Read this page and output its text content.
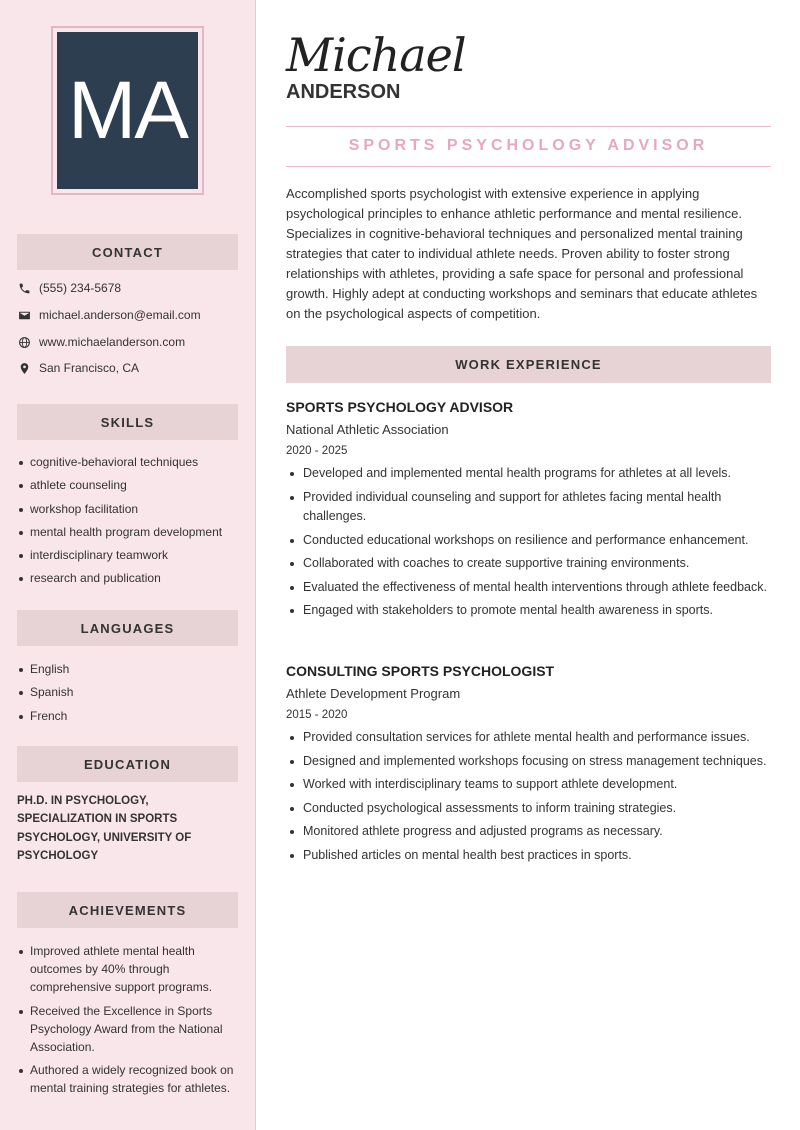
MA
CONTACT
(555) 234-5678
michael.anderson@email.com
www.michaelanderson.com
San Francisco, CA
SKILLS
cognitive-behavioral techniques
athlete counseling
workshop facilitation
mental health program development
interdisciplinary teamwork
research and publication
LANGUAGES
English
Spanish
French
EDUCATION
PH.D. IN PSYCHOLOGY, SPECIALIZATION IN SPORTS PSYCHOLOGY, UNIVERSITY OF PSYCHOLOGY
ACHIEVEMENTS
Improved athlete mental health outcomes by 40% through comprehensive support programs.
Received the Excellence in Sports Psychology Award from the National Association.
Authored a widely recognized book on mental training strategies for athletes.
Michael
ANDERSON
SPORTS PSYCHOLOGY ADVISOR
Accomplished sports psychologist with extensive experience in applying psychological principles to enhance athletic performance and mental resilience. Specializes in cognitive-behavioral techniques and personalized mental training strategies that cater to individual athlete needs. Proven ability to foster strong relationships with athletes, providing a safe space for personal and professional growth. Highly adept at conducting workshops and seminars that educate athletes on the psychological aspects of competition.
WORK EXPERIENCE
SPORTS PSYCHOLOGY ADVISOR
National Athletic Association
2020 - 2025
Developed and implemented mental health programs for athletes at all levels.
Provided individual counseling and support for athletes facing mental health challenges.
Conducted educational workshops on resilience and performance enhancement.
Collaborated with coaches to create supportive training environments.
Evaluated the effectiveness of mental health interventions through athlete feedback.
Engaged with stakeholders to promote mental health awareness in sports.
CONSULTING SPORTS PSYCHOLOGIST
Athlete Development Program
2015 - 2020
Provided consultation services for athlete mental health and performance issues.
Designed and implemented workshops focusing on stress management techniques.
Worked with interdisciplinary teams to support athlete development.
Conducted psychological assessments to inform training strategies.
Monitored athlete progress and adjusted programs as necessary.
Published articles on mental health best practices in sports.
